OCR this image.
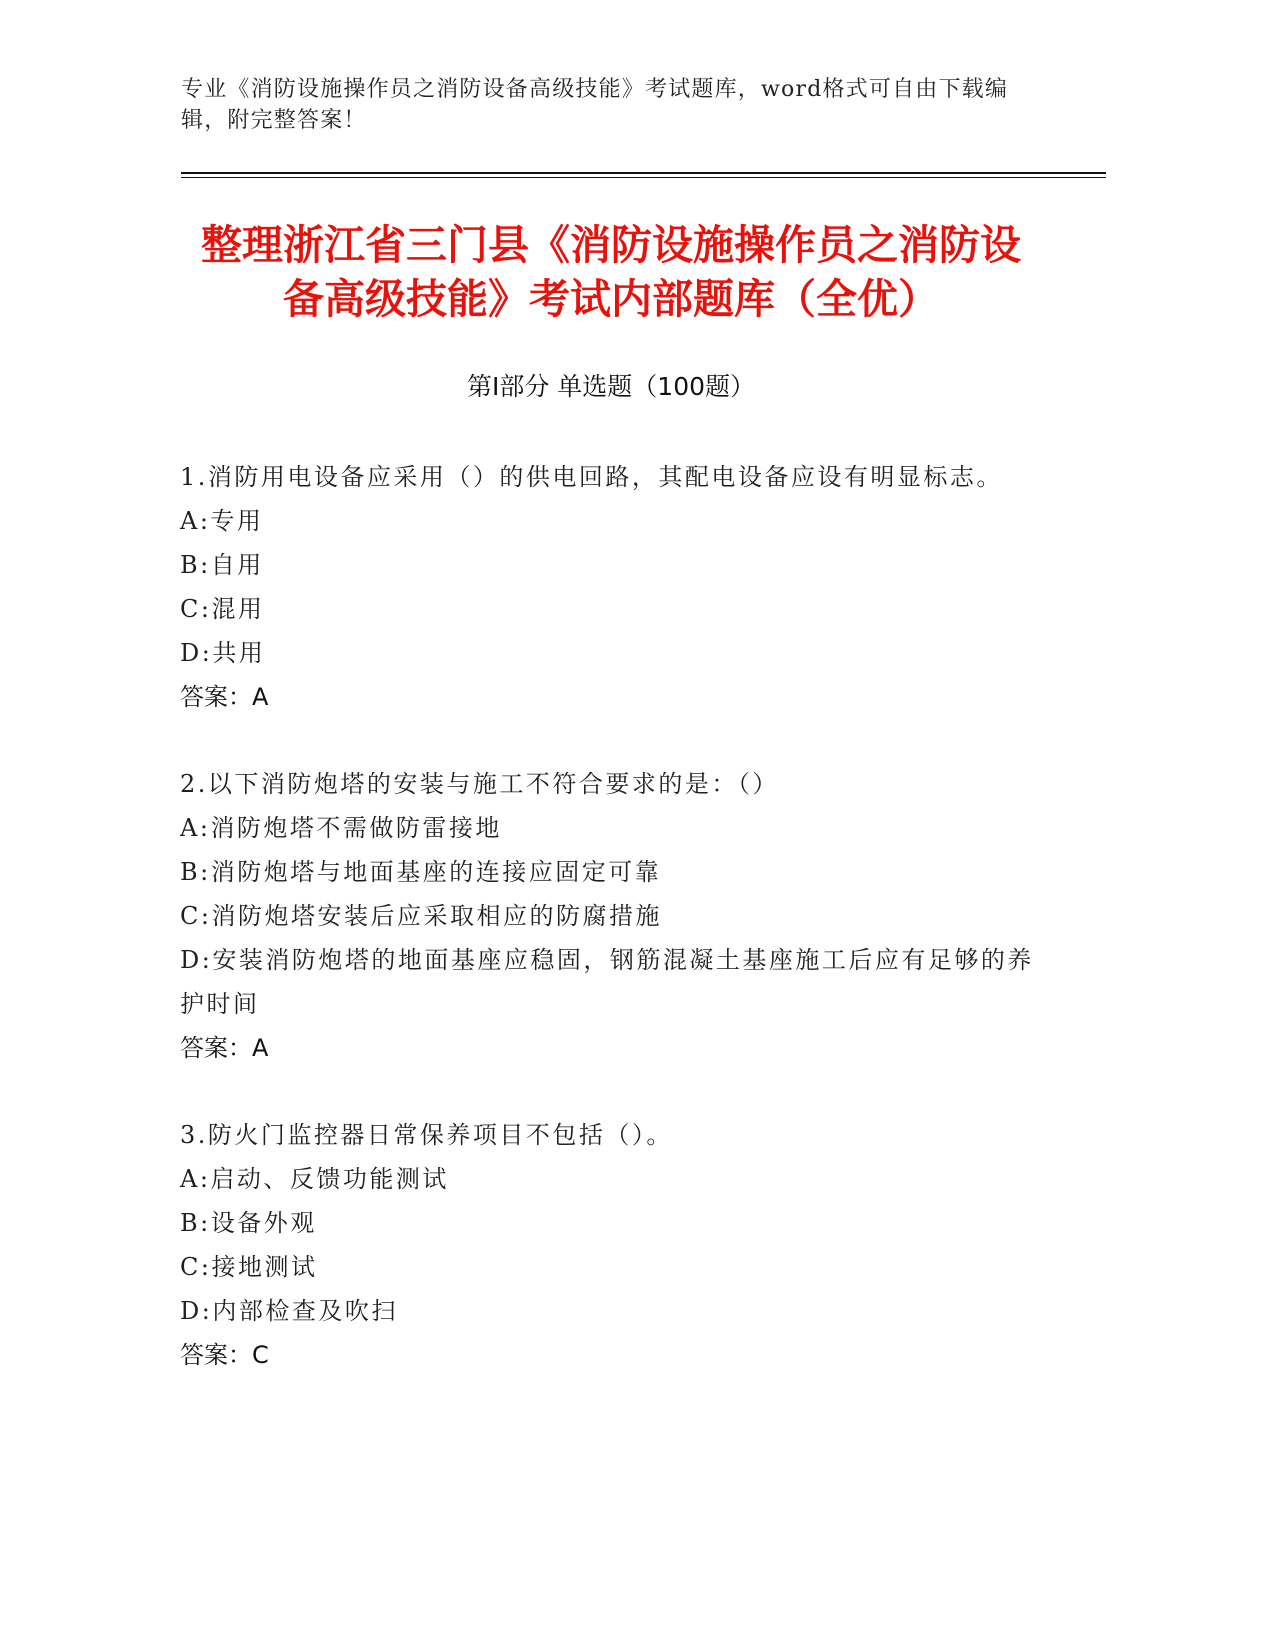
专业《消防设施操作员之消防设备高级技能》考试题库，word格式可自由下载编辑，附完整答案！
整理浙江省三门县《消防设施操作员之消防设备高级技能》考试内部题库（全优）
第I部分 单选题（100题）
1.消防用电设备应采用（）的供电回路，其配电设备应设有明显标志。
A:专用
B:自用
C:混用
D:共用
答案：A
2.以下消防炮塔的安装与施工不符合要求的是：（）
A:消防炮塔不需做防雷接地
B:消防炮塔与地面基座的连接应固定可靠
C:消防炮塔安装后应采取相应的防腐措施
D:安装消防炮塔的地面基座应稳固，钢筋混凝土基座施工后应有足够的养护时间
答案：A
3.防火门监控器日常保养项目不包括（）。
A:启动、反馈功能测试
B:设备外观
C:接地测试
D:内部检查及吹扫
答案：C
